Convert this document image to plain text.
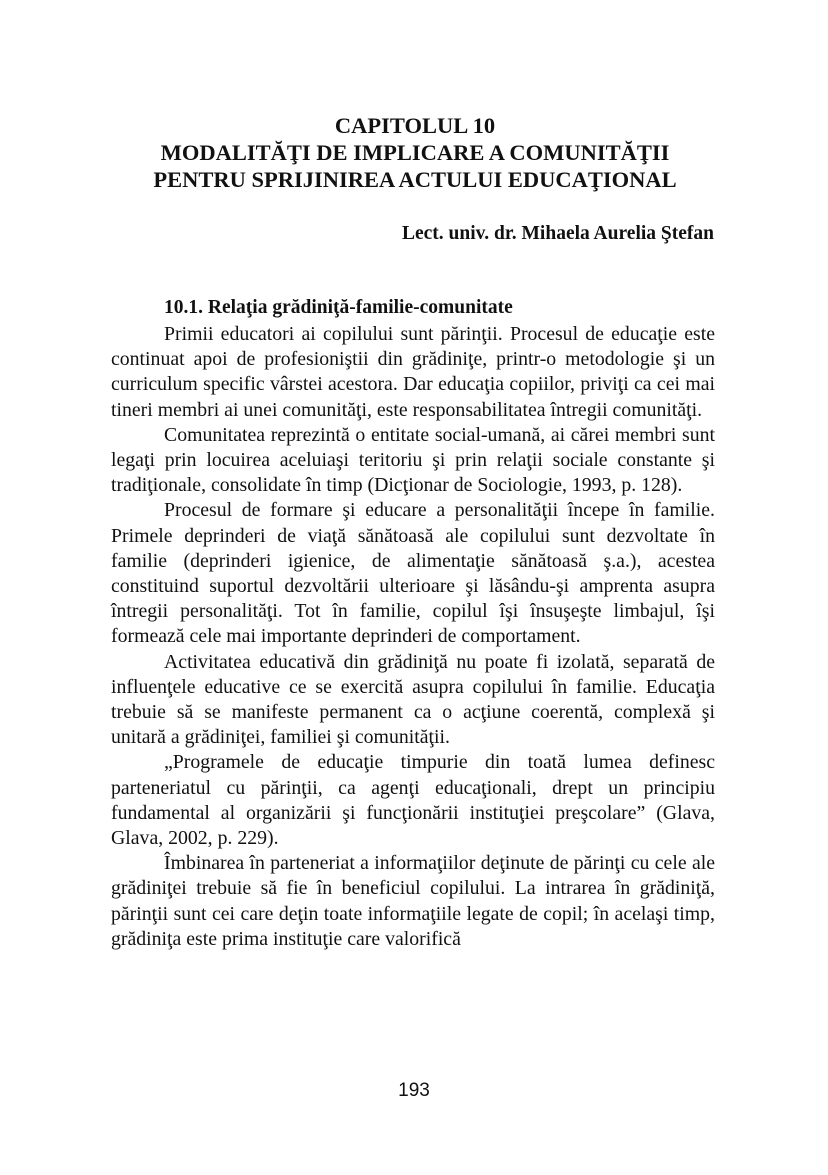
CAPITOLUL 10
MODALITĂŢI DE IMPLICARE A COMUNITĂŢII
PENTRU SPRIJINIREA ACTULUI EDUCAŢIONAL

Lect. univ. dr. Mihaela Aurelia Ştefan

10.1. Relaţia grădiniţă-familie-comunitate

Primii educatori ai copilului sunt părinţii. Procesul de educaţie este continuat apoi de profesioniştii din grădiniţe, printr-o metodologie şi un curriculum specific vârstei acestora. Dar educaţia copiilor, priviţi ca cei mai tineri membri ai unei comunităţi, este responsabilitatea întregii comunităţi.

Comunitatea reprezintă o entitate social-umană, ai cărei membri sunt legaţi prin locuirea aceluiaşi teritoriu şi prin relaţii sociale constante şi tradiţionale, consolidate în timp (Dicţionar de Sociologie, 1993, p. 128).

Procesul de formare şi educare a personalităţii începe în familie. Primele deprinderi de viaţă sănătoasă ale copilului sunt dezvoltate în familie (deprinderi igienice, de alimentaţie sănătoasă ş.a.), acestea constituind suportul dezvoltării ulterioare şi lăsându-şi amprenta asupra întregii personalităţi. Tot în familie, copilul îşi însuşeşte limbajul, îşi formează cele mai importante deprinderi de comportament.

Activitatea educativă din grădiniţă nu poate fi izolată, separată de influenţele educative ce se exercită asupra copilului în familie. Educaţia trebuie să se manifeste permanent ca o acţiune coerentă, complexă şi unitară a grădiniţei, familiei şi comunităţii.

„Programele de educaţie timpurie din toată lumea definesc parteneriatul cu părinţii, ca agenţi educaţionali, drept un principiu fundamental al organizării şi funcţionării instituţiei preşcolare” (Glava, Glava, 2002, p. 229).

Îmbinarea în parteneriat a informaţiilor deţinute de părinţi cu cele ale grădiniţei trebuie să fie în beneficiul copilului. La intrarea în grădiniţă, părinţii sunt cei care deţin toate informaţiile legate de copil; în acelaşi timp, grădiniţa este prima instituţie care valorifică

193
